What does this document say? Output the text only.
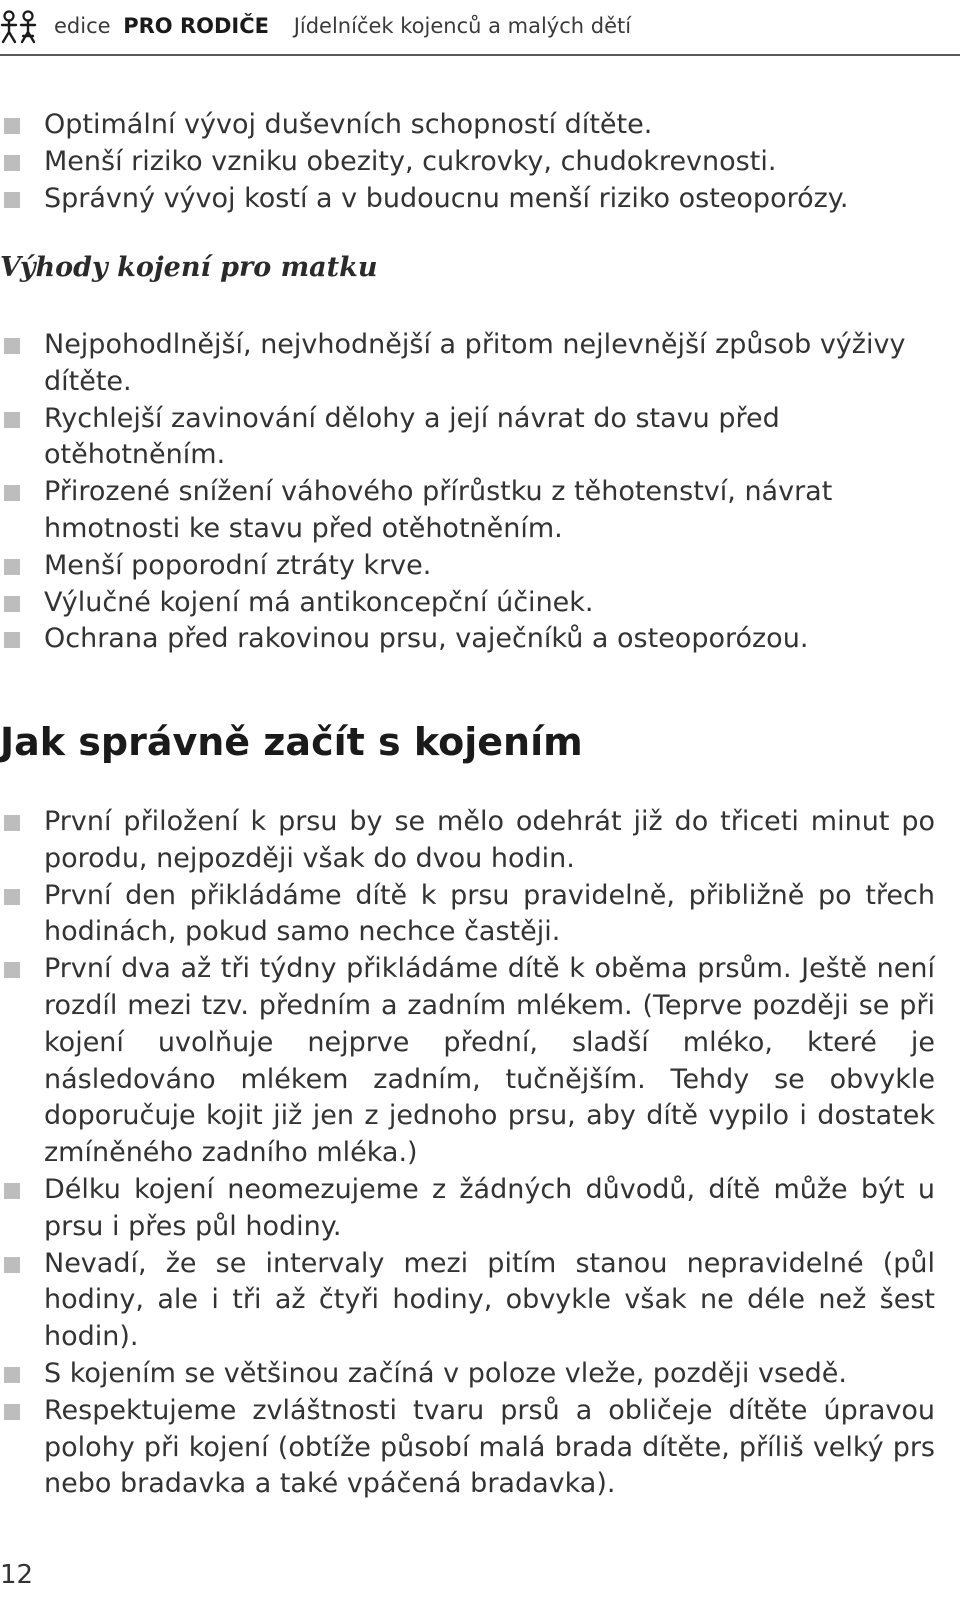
edice PRO RODIČE Jídelníček kojenců a malých dětí
Optimální vývoj duševních schopností dítěte.
Menší riziko vzniku obezity, cukrovky, chudokrevnosti.
Správný vývoj kostí a v budoucnu menší riziko osteoporózy.
Výhody kojení pro matku
Nejpohodlnější, nejvhodnější a přitom nejlevnější způsob výživy dítěte.
Rychlejší zavinování dělohy a její návrat do stavu před otěhotněním.
Přirozené snížení váhového přírůstku z těhotenství, návrat hmotnosti ke stavu před otěhotněním.
Menší poporodní ztráty krve.
Výlučné kojení má antikoncepční účinek.
Ochrana před rakovinou prsu, vaječníků a osteoporózou.
Jak správně začít s kojením
První přiložení k prsu by se mělo odehrát již do třiceti minut po porodu, nejpozději však do dvou hodin.
První den přikládáme dítě k prsu pravidelně, přibližně po třech hodinách, pokud samo nechce častěji.
První dva až tři týdny přikládáme dítě k oběma prsům. Ještě není rozdíl mezi tzv. předním a zadním mlékem. (Teprve později se při kojení uvolňuje nejprve přední, sladší mléko, které je následováno mlékem zadním, tučnějším. Tehdy se obvykle doporučuje kojit již jen z jednoho prsu, aby dítě vypilo i dostatek zmíněného zadního mléka.)
Délku kojení neomezujeme z žádných důvodů, dítě může být u prsu i přes půl hodiny.
Nevadí, že se intervaly mezi pitím stanou nepravidelné (půl hodiny, ale i tři až čtyři hodiny, obvykle však ne déle než šest hodin).
S kojením se většinou začíná v poloze vleže, později vsedě.
Respektujeme zvláštnosti tvaru prsů a obličeje dítěte úpravou polohy při kojení (obtíže působí malá brada dítěte, příliš velký prs nebo bradavka a také vpáčená bradavka).
12
